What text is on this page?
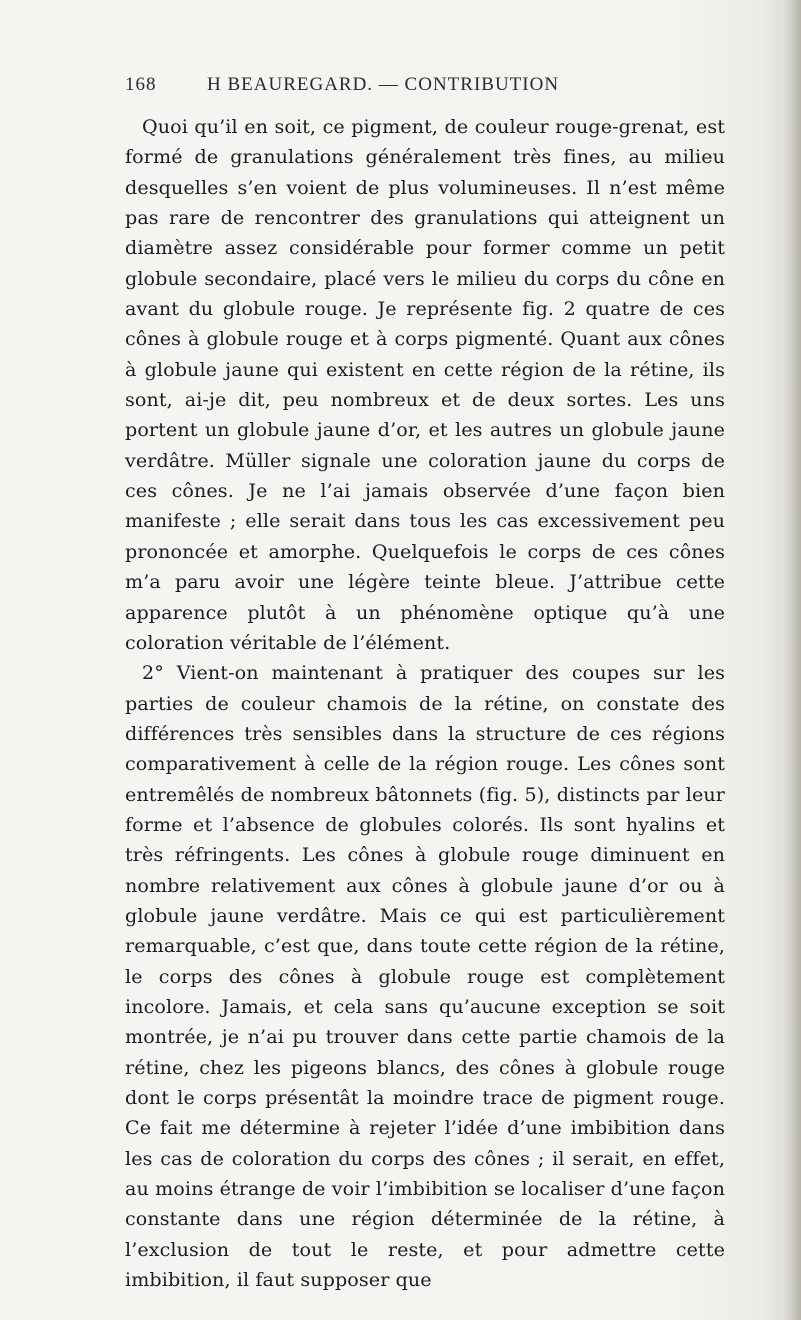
168	H BEAUREGARD. — CONTRIBUTION

Quoi qu’il en soit, ce pigment, de couleur rouge-grenat, est formé de granulations généralement très fines, au milieu desquelles s’en voient de plus volumineuses. Il n’est même pas rare de rencontrer des granulations qui atteignent un diamètre assez considérable pour former comme un petit globule secondaire, placé vers le milieu du corps du cône en avant du globule rouge. Je représente fig. 2 quatre de ces cônes à globule rouge et à corps pigmenté. Quant aux cônes à globule jaune qui existent en cette région de la rétine, ils sont, ai-je dit, peu nombreux et de deux sortes. Les uns portent un globule jaune d’or, et les autres un globule jaune verdâtre. Müller signale une coloration jaune du corps de ces cônes. Je ne l’ai jamais observée d’une façon bien manifeste ; elle serait dans tous les cas excessivement peu prononcée et amorphe. Quelquefois le corps de ces cônes m’a paru avoir une légère teinte bleue. J’attribue cette apparence plutôt à un phénomène optique qu’à une coloration véritable de l’élément.

2° Vient-on maintenant à pratiquer des coupes sur les parties de couleur chamois de la rétine, on constate des différences très sensibles dans la structure de ces régions comparativement à celle de la région rouge. Les cônes sont entremêlés de nombreux bâtonnets (fig. 5), distincts par leur forme et l’absence de globules colorés. Ils sont hyalins et très réfringents. Les cônes à globule rouge diminuent en nombre relativement aux cônes à globule jaune d’or ou à globule jaune verdâtre. Mais ce qui est particulièrement remarquable, c’est que, dans toute cette région de la rétine, le corps des cônes à globule rouge est complètement incolore. Jamais, et cela sans qu’aucune exception se soit montrée, je n’ai pu trouver dans cette partie chamois de la rétine, chez les pigeons blancs, des cônes à globule rouge dont le corps présentât la moindre trace de pigment rouge. Ce fait me détermine à rejeter l’idée d’une imbibition dans les cas de coloration du corps des cônes ; il serait, en effet, au moins étrange de voir l’imbibition se localiser d’une façon constante dans une région déterminée de la rétine, à l’exclusion de tout le reste, et pour admettre cette imbibition, il faut supposer que
